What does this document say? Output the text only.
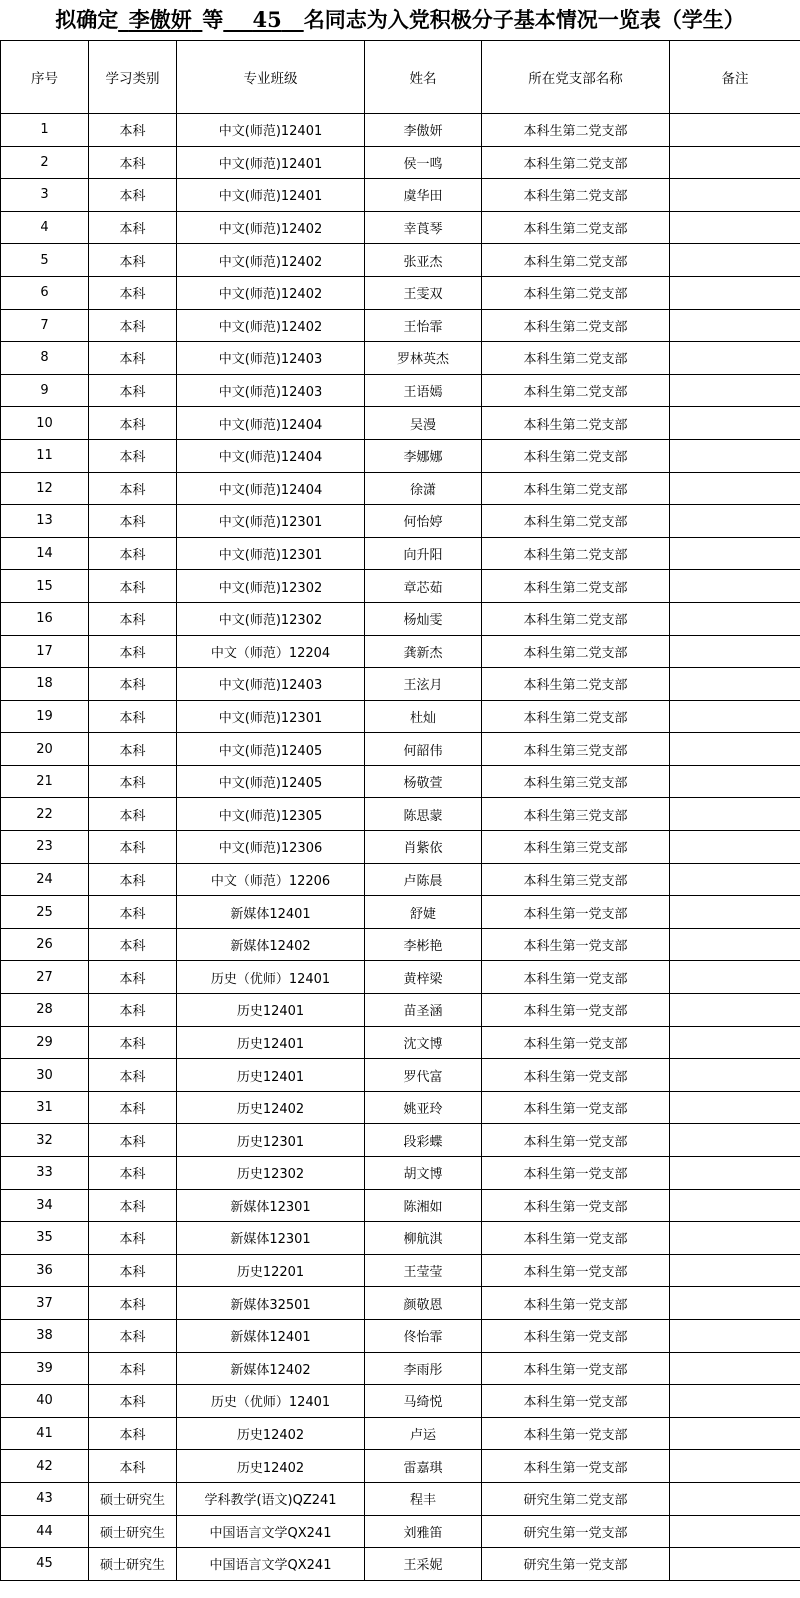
拟确定_李傲妍_等 45 名同志为入党积极分子基本情况一览表（学生）
序号	学习类别	专业班级	姓名	所在党支部名称	备注
1	本科	中文(师范)12401	李傲妍	本科生第二党支部	
2	本科	中文(师范)12401	侯一鸣	本科生第二党支部	
3	本科	中文(师范)12401	虞华田	本科生第二党支部	
4	本科	中文(师范)12402	幸莨琴	本科生第二党支部	
5	本科	中文(师范)12402	张亚杰	本科生第二党支部	
6	本科	中文(师范)12402	王雯双	本科生第二党支部	
7	本科	中文(师范)12402	王怡霏	本科生第二党支部	
8	本科	中文(师范)12403	罗林英杰	本科生第二党支部	
9	本科	中文(师范)12403	王语嫣	本科生第二党支部	
10	本科	中文(师范)12404	吴漫	本科生第二党支部	
11	本科	中文(师范)12404	李娜娜	本科生第二党支部	
12	本科	中文(师范)12404	徐潇	本科生第二党支部	
13	本科	中文(师范)12301	何怡婷	本科生第二党支部	
14	本科	中文(师范)12301	向升阳	本科生第二党支部	
15	本科	中文(师范)12302	章芯茹	本科生第二党支部	
16	本科	中文(师范)12302	杨灿雯	本科生第二党支部	
17	本科	中文（师范）12204	龚新杰	本科生第二党支部	
18	本科	中文(师范)12403	王泫月	本科生第二党支部	
19	本科	中文(师范)12301	杜灿	本科生第二党支部	
20	本科	中文(师范)12405	何韶伟	本科生第三党支部	
21	本科	中文(师范)12405	杨敬萱	本科生第三党支部	
22	本科	中文(师范)12305	陈思蒙	本科生第三党支部	
23	本科	中文(师范)12306	肖紫依	本科生第三党支部	
24	本科	中文（师范）12206	卢陈晨	本科生第三党支部	
25	本科	新媒体12401	舒婕	本科生第一党支部	
26	本科	新媒体12402	李彬艳	本科生第一党支部	
27	本科	历史（优师）12401	黄梓梁	本科生第一党支部	
28	本科	历史12401	苗圣涵	本科生第一党支部	
29	本科	历史12401	沈文博	本科生第一党支部	
30	本科	历史12401	罗代富	本科生第一党支部	
31	本科	历史12402	姚亚玲	本科生第一党支部	
32	本科	历史12301	段彩蝶	本科生第一党支部	
33	本科	历史12302	胡文博	本科生第一党支部	
34	本科	新媒体12301	陈湘如	本科生第一党支部	
35	本科	新媒体12301	柳航淇	本科生第一党支部	
36	本科	历史12201	王莹莹	本科生第一党支部	
37	本科	新媒体32501	颜敬恩	本科生第一党支部	
38	本科	新媒体12401	佟怡霏	本科生第一党支部	
39	本科	新媒体12402	李雨彤	本科生第一党支部	
40	本科	历史（优师）12401	马绮悦	本科生第一党支部	
41	本科	历史12402	卢运	本科生第一党支部	
42	本科	历史12402	雷嘉琪	本科生第一党支部	
43	硕士研究生	学科教学(语文)QZ241	程丰	研究生第二党支部	
44	硕士研究生	中国语言文学QX241	刘雅笛	研究生第一党支部	
45	硕士研究生	中国语言文学QX241	王采妮	研究生第一党支部	
